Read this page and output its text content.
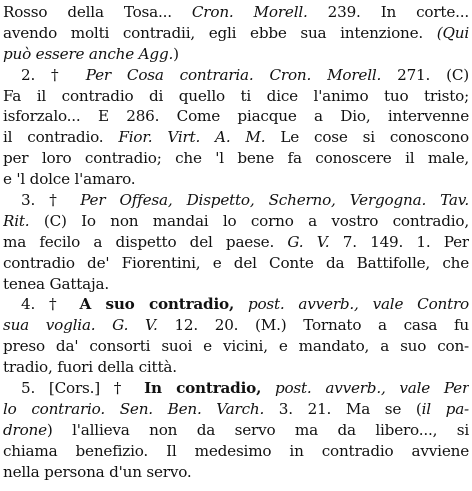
Rosso della Tosa... Cron. Morell. 239. In corte...
avendo molti contradii, egli ebbe sua intenzione. (Qui
può essere anche Agg.)
2. † Per Cosa contraria. Cron. Morell. 271. (C)
Fa il contradio di quello ti dice l'animo tuo tristo;
isforzalo... E 286. Come piacque a Dio, intervenne
il contradio. Fior. Virt. A. M. Le cose si conoscono
per loro contradio; che 'l bene fa conoscere il male,
e 'l dolce l'amaro.
3. † Per Offesa, Dispetto, Scherno, Vergogna. Tav.
Rit. (C) Io non mandai lo corno a vostro contradio,
ma fecilo a dispetto del paese. G. V. 7. 149. 1. Per
contradio de' Fiorentini, e del Conte da Battifolle, che
tenea Gattaja.
4. † A suo contradio, post. avverb., vale Contro
sua voglia. G. V. 12. 20. (M.) Tornato a casa fu
preso da' consorti suoi e vicini, e mandato, a suo con-
tradio, fuori della città.
5. [Cors.] † In contradio, post. avverb., vale Per
lo contrario. Sen. Ben. Varch. 3. 21. Ma se (il pa-
drone) l'allieva non da servo ma da libero..., si
chiama benefizio. Il medesimo in contradio avviene
nella persona d'un servo.
